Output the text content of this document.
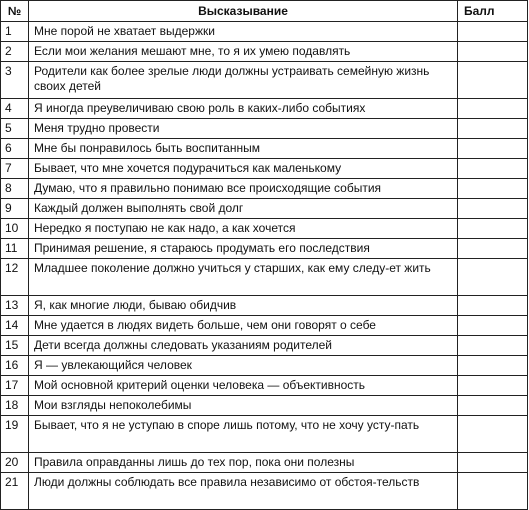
№	Высказывание	Балл
1	Мне порой не хватает выдержки	
2	Если мои желания мешают мне, то я их умею подавлять	
3	Родители как более зрелые люди должны устраивать семейную жизнь своих детей	
4	Я иногда преувеличиваю свою роль в каких-либо событиях	
5	Меня трудно провести	
6	Мне бы понравилось быть воспитанным	
7	Бывает, что мне хочется подурачиться как маленькому	
8	Думаю, что я правильно понимаю все происходящие события	
9	Каждый должен выполнять свой долг	
10	Нередко я поступаю не как надо, а как хочется	
11	Принимая решение, я стараюсь продумать его последствия	
12	Младшее поколение должно учиться у старших, как ему следу-ет жить	
13	Я, как многие люди, бываю обидчив	
14	Мне удается в людях видеть больше, чем они говорят о себе	
15	Дети всегда должны следовать указаниям родителей	
16	Я — увлекающийся человек	
17	Мой основной критерий оценки человека — объективность	
18	Мои взгляды непоколебимы	
19	Бывает, что я не уступаю в споре лишь потому, что не хочу усту-пать	
20	Правила оправданны лишь до тех пор, пока они полезны	
21	Люди должны соблюдать все правила независимо от обстоя-тельств	
